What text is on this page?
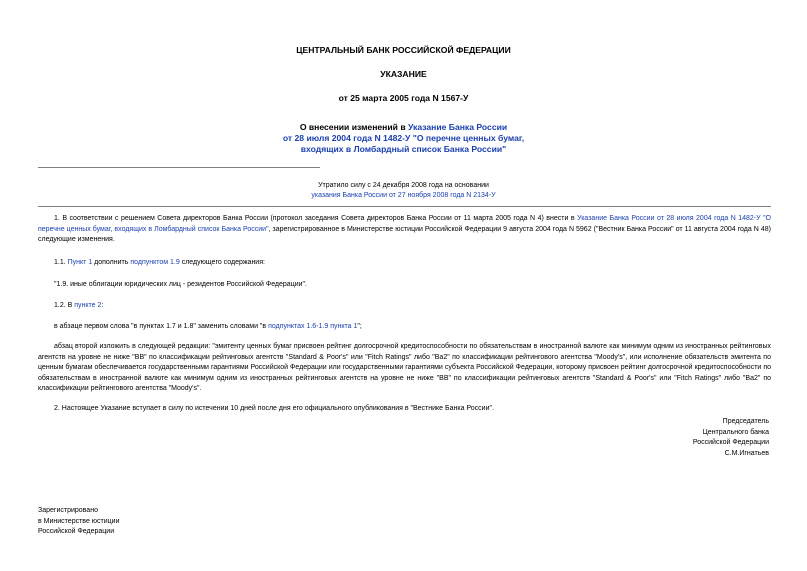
ЦЕНТРАЛЬНЫЙ БАНК РОССИЙСКОЙ ФЕДЕРАЦИИ
УКАЗАНИЕ
от 25 марта 2005 года N 1567-У
О внесении изменений в Указание Банка России
от 28 июля 2004 года N 1482-У "О перечне ценных бумаг,
входящих в Ломбардный список Банка России"
Утратило силу с 24 декабря 2008 года на основании
указания Банка России от 27 ноября 2008 года N 2134-У
1. В соответствии с решением Совета директоров Банка России (протокол заседания Совета директоров Банка России от 11 марта 2005 года N 4) внести в Указание Банка России от 28 июля 2004 года N 1482-У "О перечне ценных бумаг, входящих в Ломбардный список Банка России", зарегистрированное в Министерстве юстиции Российской Федерации 9 августа 2004 года N 5962 ("Вестник Банка России" от 11 августа 2004 года N 48) следующие изменения.
1.1. Пункт 1 дополнить подпунктом 1.9 следующего содержания:
"1.9. иные облигации юридических лиц - резидентов Российской Федерации".
1.2. В пункте 2:
в абзаце первом слова "в пунктах 1.7 и 1.8" заменить словами "в подпунктах 1.6-1.9 пункта 1";
абзац второй изложить в следующей редакции: "эмитенту ценных бумаг присвоен рейтинг долгосрочной кредитоспособности по обязательствам в иностранной валюте как минимум одним из иностранных рейтинговых агентств на уровне не ниже "BB" по классификации рейтинговых агентств "Standard & Poor's" или "Fitch Ratings" либо "Ba2" по классификации рейтингового агентства "Moody's", или исполнение обязательств эмитента по ценным бумагам обеспечивается государственными гарантиями Российской Федерации или государственными гарантиями субъекта Российской Федерации, которому присвоен рейтинг долгосрочной кредитоспособности по обязательствам в иностранной валюте как минимум одним из иностранных рейтинговых агентств на уровне не ниже "BB" по классификации рейтинговых агентств "Standard & Poor's" или "Fitch Ratings" либо "Ba2" по классификации рейтингового агентства "Moody's".
2. Настоящее Указание вступает в силу по истечении 10 дней после дня его официального опубликования в "Вестнике Банка России".
Председатель
Центрального банка
Российской Федерации
С.М.Игнатьев
Зарегистрировано
в Министерстве юстиции
Российской Федерации
